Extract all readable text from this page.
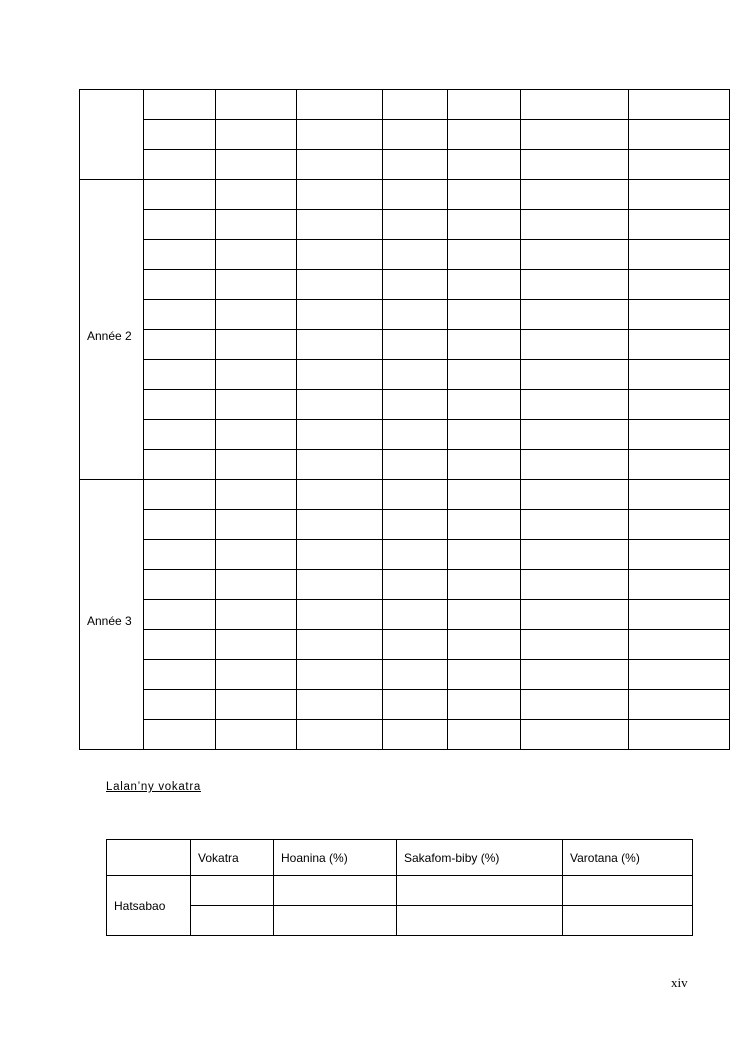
Année 2							

Année 3							

Lalan’ny vokatra

	Vokatra	Hoanina (%)	Sakafom-biby (%)	Varotana (%)
Hatsabao				

xiv
